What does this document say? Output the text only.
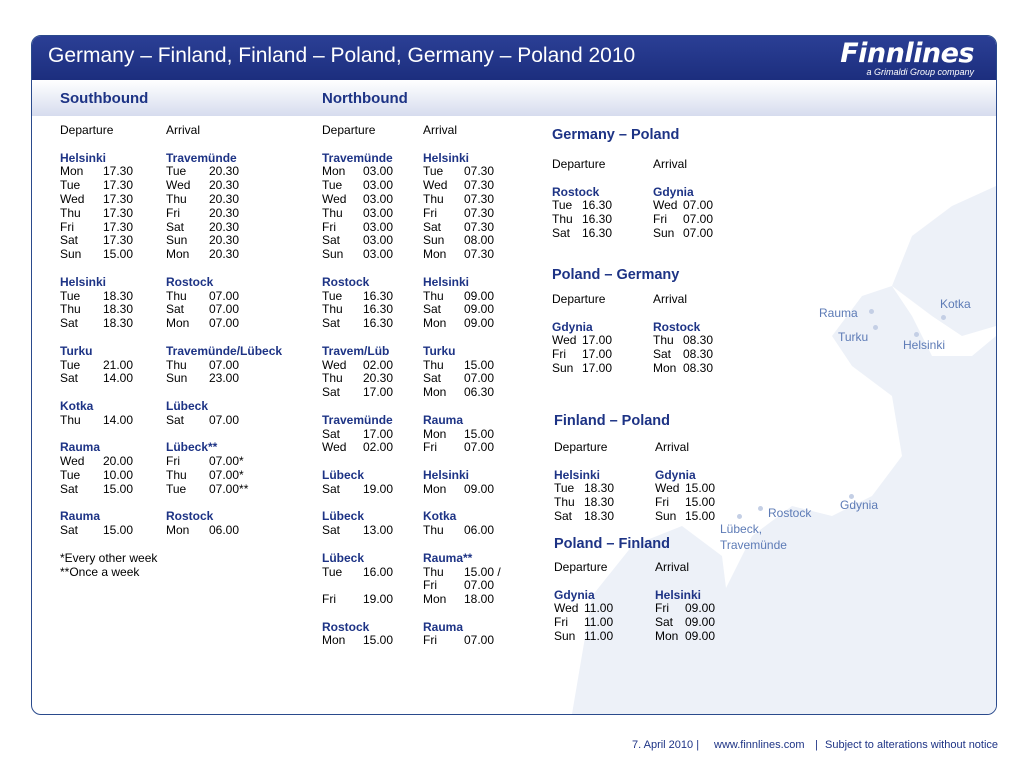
Germany – Finland, Finland – Poland, Germany – Poland 2010	Finnlines
a Grimaldi Group company
Southbound	Northbound
Departure	Arrival
Helsinki	Travemünde
Mon	17.30	Tue	20.30
Tue	17.30	Wed	20.30
Wed	17.30	Thu	20.30
Thu	17.30	Fri	20.30
Fri	17.30	Sat	20.30
Sat	17.30	Sun	20.30
Sun	15.00	Mon	20.30
Helsinki	Rostock
Tue	18.30	Thu	07.00
Thu	18.30	Sat	07.00
Sat	18.30	Mon	07.00
Turku	Travemünde/Lübeck
Tue	21.00	Thu	07.00
Sat	14.00	Sun	23.00
Kotka	Lübeck
Thu	14.00	Sat	07.00
Rauma	Lübeck**
Wed	20.00	Fri	07.00*
Tue	10.00	Thu	07.00*
Sat	15.00	Tue	07.00**
Rauma	Rostock
Sat	15.00	Mon	06.00
*Every other week
**Once a week
Departure	Arrival
Travemünde	Helsinki
Mon	03.00 Tue	07.30
Tue	03.00 Wed	07.30
Wed	03.00 Thu	07.30
Thu	03.00 Fri	07.30
Fri	03.00 Sat	07.30
Sat	03.00 Sun	08.00
Sun	03.00 Mon	07.30
Rostock	Helsinki
Tue	16.30 Thu	09.00
Thu	16.30 Sat	09.00
Sat	16.30 Mon	09.00
Travem/Lüb	Turku
Wed	02.00 Thu	15.00
Thu	20.30 Sat	07.00
Sat	17.00 Mon	06.30
Travemünde	Rauma
Sat	17.00 Mon	15.00
Wed	02.00 Fri	07.00
Lübeck	Helsinki
Sat	19.00 Mon	09.00
Lübeck	Kotka
Sat	13.00 Thu	06.00
Lübeck	Rauma**
Tue	16.00 Thu	15.00 /
Fri	07.00
Fri	19.00 Mon	18.00
Rostock	Rauma
Mon	15.00 Fri	07.00
Germany – Poland
Departure	Arrival
Rostock	Gdynia
Tue 16.30	Wed 07.00
Thu 16.30	Fri	07.00
Sat 16.30	Sun 07.00
Poland – Germany
Departure	Arrival
Gdynia	Rostock
Wed 17.00	Thu 08.30
Fri	17.00	Sat 08.30
Sun 17.00	Mon 08.30
Finland – Poland
Departure	Arrival
Helsinki	Gdynia
Tue 18.30	Wed 15.00
Thu 18.30	Fri	15.00
Sat 18.30	Sun 15.00
Poland – Finland
Departure	Arrival
Gdynia	Helsinki
Wed 11.00	Fri	09.00
Fri	11.00	Sat 09.00
Sun 11.00	Mon 09.00
Rauma
Kotka
Turku
Helsinki
Rostock
Gdynia
Lübeck,
Travemünde
7. April 2010 | www.finnlines.com | Subject to alterations without notice
